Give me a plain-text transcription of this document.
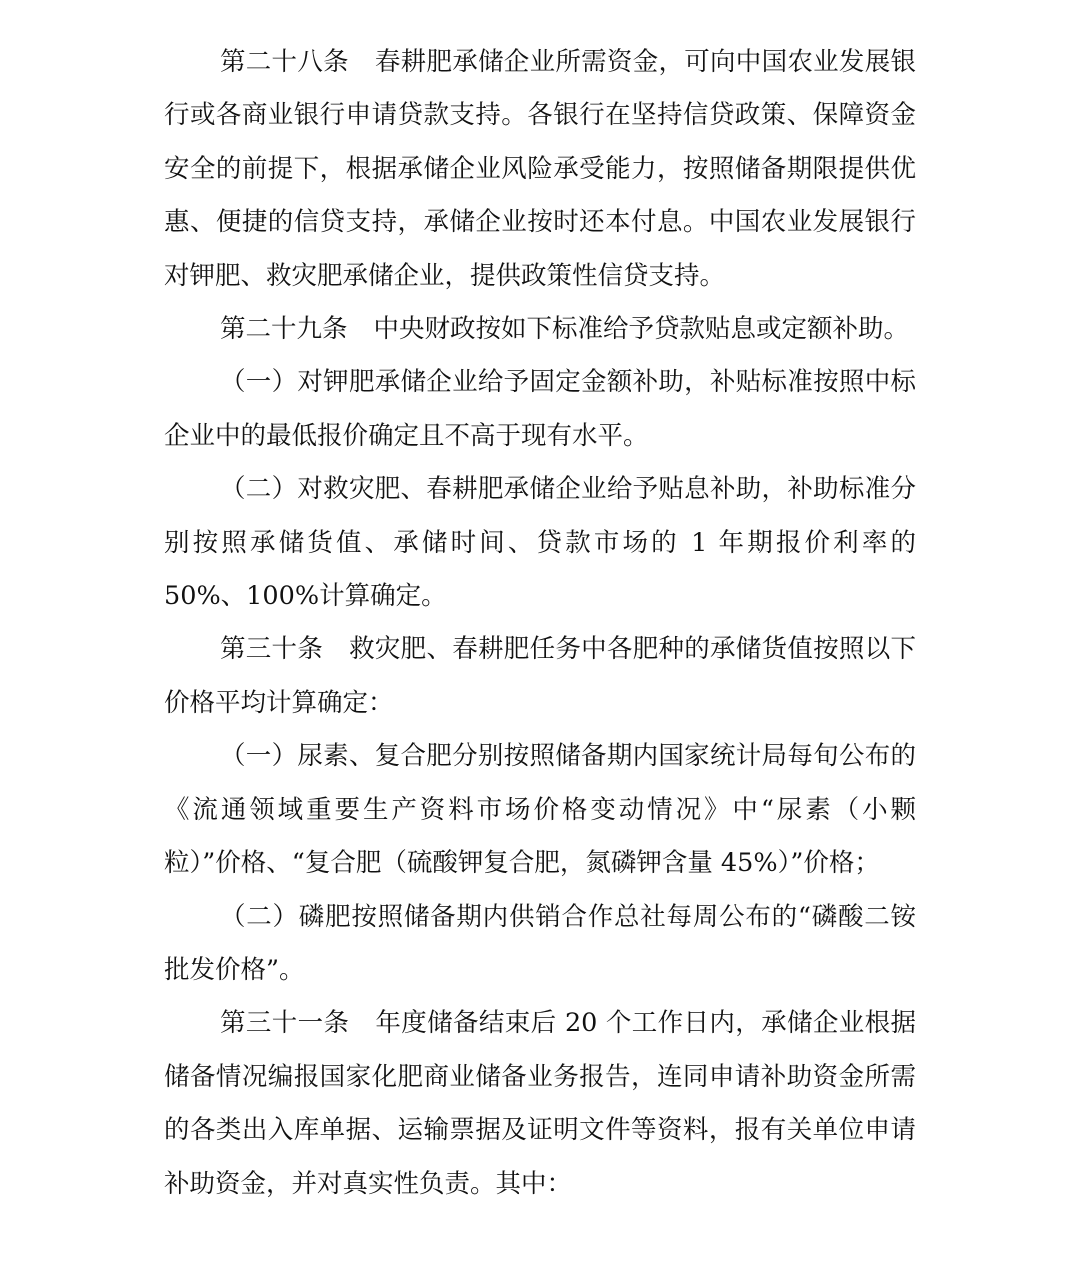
第二十八条 春耕肥承储企业所需资金，可向中国农业发展银行或各商业银行申请贷款支持。各银行在坚持信贷政策、保障资金安全的前提下，根据承储企业风险承受能力，按照储备期限提供优惠、便捷的信贷支持，承储企业按时还本付息。中国农业发展银行对钾肥、救灾肥承储企业，提供政策性信贷支持。

第二十九条 中央财政按如下标准给予贷款贴息或定额补助。

（一）对钾肥承储企业给予固定金额补助，补贴标准按照中标企业中的最低报价确定且不高于现有水平。

（二）对救灾肥、春耕肥承储企业给予贴息补助，补助标准分别按照承储货值、承储时间、贷款市场的 1 年期报价利率的 50%、100%计算确定。

第三十条 救灾肥、春耕肥任务中各肥种的承储货值按照以下价格平均计算确定：

（一）尿素、复合肥分别按照储备期内国家统计局每旬公布的《流通领域重要生产资料市场价格变动情况》中“尿素（小颗粒）”价格、“复合肥（硫酸钾复合肥，氮磷钾含量 45%）”价格；

（二）磷肥按照储备期内供销合作总社每周公布的“磷酸二铵批发价格”。

第三十一条 年度储备结束后 20 个工作日内，承储企业根据储备情况编报国家化肥商业储备业务报告，连同申请补助资金所需的各类出入库单据、运输票据及证明文件等资料，报有关单位申请补助资金，并对真实性负责。其中：
